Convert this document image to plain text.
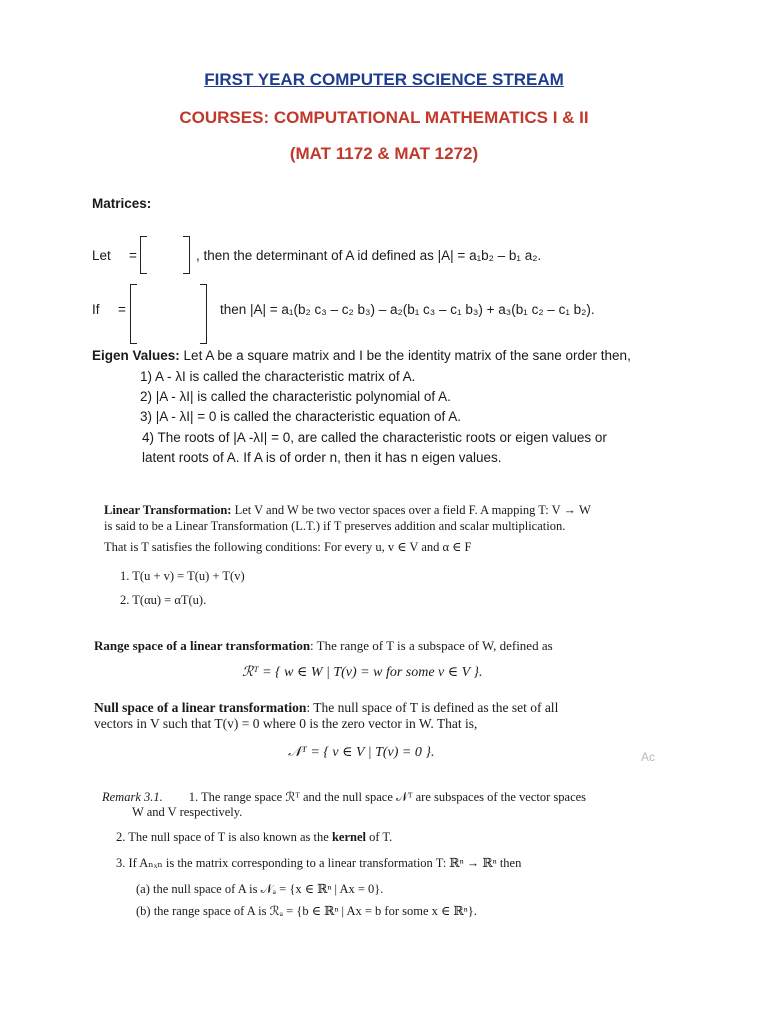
FIRST YEAR COMPUTER SCIENCE STREAM
COURSES: COMPUTATIONAL MATHEMATICS I & II
(MAT 1172 & MAT 1272)
Matrices:
Let =	, then the determinant of A id defined as |A| = a₁b₂ – b₁ a₂.
If =	then |A| = a₁(b₂ c₃ – c₂ b₃) – a₂(b₁ c₃ – c₁ b₃) + a₃(b₁ c₂ – c₁ b₂).
Eigen Values: Let A be a square matrix and I be the identity matrix of the sane order then,
1) A - λI is called the characteristic matrix of A.
2) |A - λI| is called the characteristic polynomial of A.
3) |A - λI| = 0 is called the characteristic equation of A.
4) The roots of |A -λI| = 0, are called the characteristic roots or eigen values or
latent roots of A. If A is of order n, then it has n eigen values.
Linear Transformation: Let V and W be two vector spaces over a field F. A mapping T: V → W
is said to be a Linear Transformation (L.T.) if T preserves addition and scalar multiplication.
That is T satisfies the following conditions: For every u, v ∈ V and α ∈ F
1. T(u + v) = T(u) + T(v)
2. T(αu) = αT(u).
Range space of a linear transformation: The range of T is a subspace of W, defined as
ℛᵀ = { w ∈ W | T(v) = w for some v ∈ V }.
Null space of a linear transformation: The null space of T is defined as the set of all
vectors in V such that T(v) = 0 where 0 is the zero vector in W. That is,
𝒩ᵀ = { v ∈ V | T(v) = 0 }.	Ac
Remark 3.1. 1. The range space ℛᵀ and the null space 𝒩ᵀ are subspaces of the vector spaces
W and V respectively.
2. The null space of T is also known as the kernel of T.
3. If Aₙₓₙ is the matrix corresponding to a linear transformation T: ℝⁿ → ℝⁿ then
(a) the null space of A is 𝒩ₐ = {x ∈ ℝⁿ | Ax = 0}.
(b) the range space of A is ℛₐ = {b ∈ ℝⁿ | Ax = b for some x ∈ ℝⁿ}.
